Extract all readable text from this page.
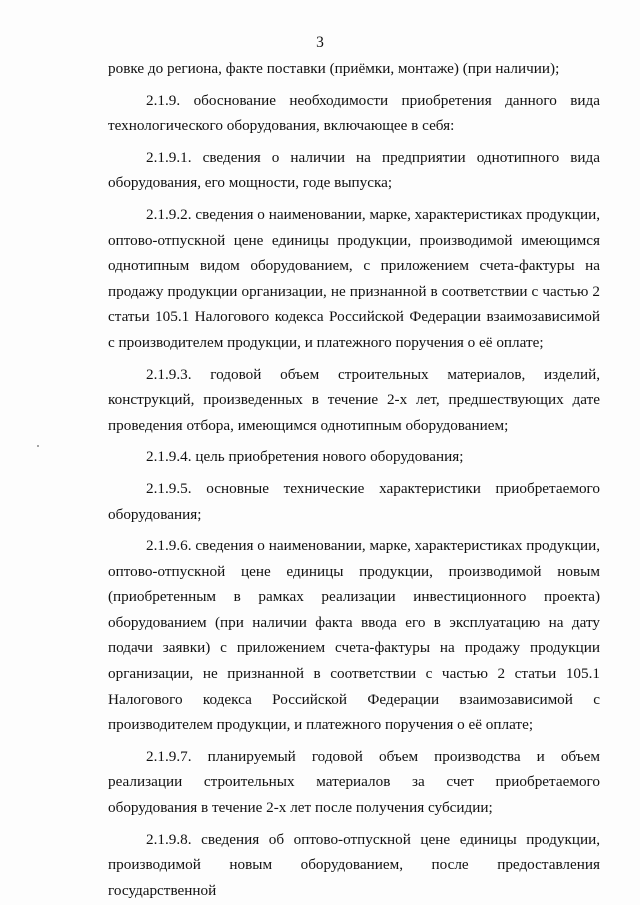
3

ровке до региона, факте поставки (приёмки, монтаже) (при наличии);

2.1.9. обоснование необходимости приобретения данного вида технологического оборудования, включающее в себя:

2.1.9.1. сведения о наличии на предприятии однотипного вида оборудования, его мощности, годе выпуска;

2.1.9.2. сведения о наименовании, марке, характеристиках продукции, оптово-отпускной цене единицы продукции, производимой имеющимся однотипным видом оборудованием, с приложением счета-фактуры на продажу продукции организации, не признанной в соответствии с частью 2 статьи 105.1 Налогового кодекса Российской Федерации взаимозависимой с производителем продукции, и платежного поручения о её оплате;

2.1.9.3. годовой объем строительных материалов, изделий, конструкций, произведенных в течение 2-х лет, предшествующих дате проведения отбора, имеющимся однотипным оборудованием;

2.1.9.4. цель приобретения нового оборудования;

2.1.9.5. основные технические характеристики приобретаемого оборудования;

2.1.9.6. сведения о наименовании, марке, характеристиках продукции, оптово-отпускной цене единицы продукции, производимой новым (приобретенным в рамках реализации инвестиционного проекта) оборудованием (при наличии факта ввода его в эксплуатацию на дату подачи заявки) с приложением счета-фактуры на продажу продукции организации, не признанной в соответствии с частью 2 статьи 105.1 Налогового кодекса Российской Федерации взаимозависимой с производителем продукции, и платежного поручения о её оплате;

2.1.9.7. планируемый годовой объем производства и объем реализации строительных материалов за счет приобретаемого оборудования в течение 2-х лет после получения субсидии;

2.1.9.8. сведения об оптово-отпускной цене единицы продукции, производимой новым оборудованием, после предоставления государственной
